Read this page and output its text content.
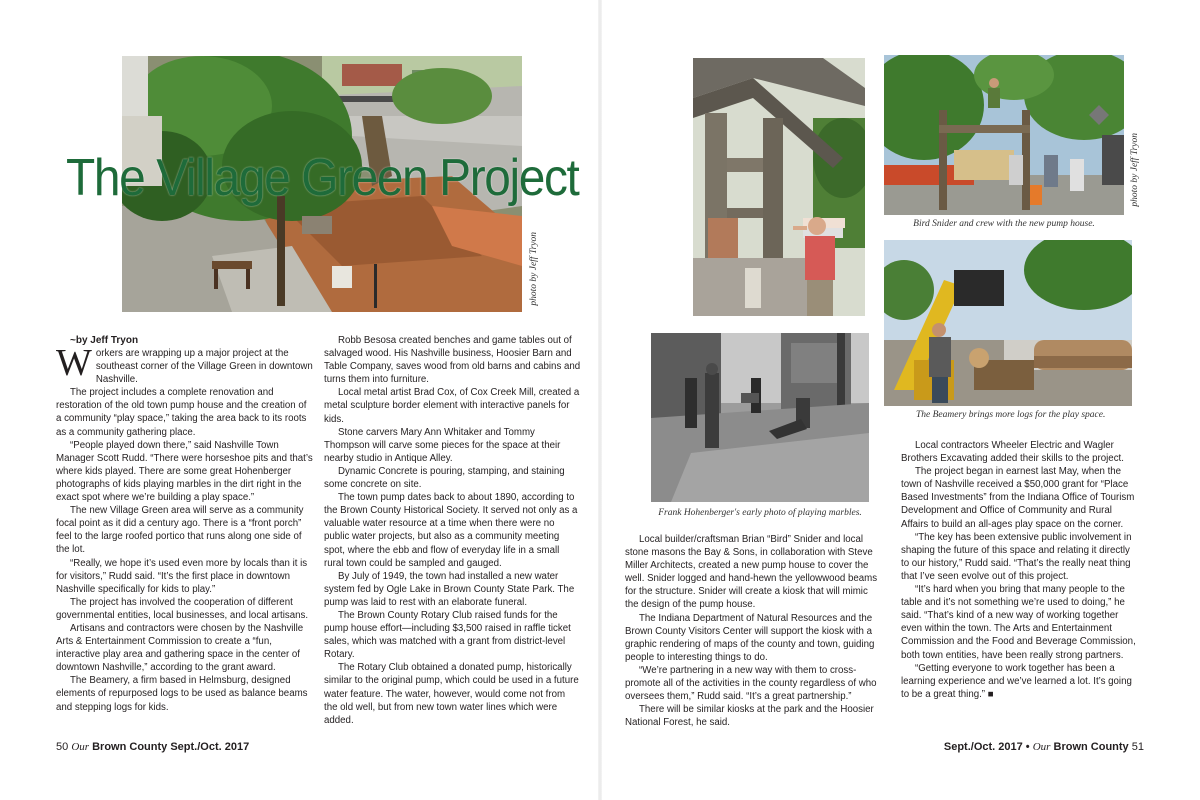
The Village Green Project
photo by Jeff Tryon
~by Jeff Tryon

Workers are wrapping up a major project at the southeast corner of the Village Green in downtown Nashville.

The project includes a complete renovation and restoration of the old town pump house and the creation of a community “play space,” taking the area back to its roots as a community gathering place.

“People played down there,” said Nashville Town Manager Scott Rudd. “There were horseshoe pits and that’s where kids played. There are some great Hohenberger photographs of kids playing marbles in the dirt right in the exact spot where we’re building a play space.”

The new Village Green area will serve as a community focal point as it did a century ago. There is a “front porch” feel to the large roofed portico that runs along one side of the lot.

“Really, we hope it’s used even more by locals than it is for visitors,” Rudd said. “It’s the first place in downtown Nashville specifically for kids to play.”

The project has involved the cooperation of different governmental entities, local businesses, and local artisans.

Artisans and contractors were chosen by the Nashville Arts & Entertainment Commission to create a “fun, interactive play area and gathering space in the center of downtown Nashville,” according to the grant award.

The Beamery, a firm based in Helmsburg, designed elements of repurposed logs to be used as balance beams and stepping logs for kids.

Robb Besosa created benches and game tables out of salvaged wood. His Nashville business, Hoosier Barn and Table Company, saves wood from old barns and cabins and turns them into furniture.

Local metal artist Brad Cox, of Cox Creek Mill, created a metal sculpture border element with interactive panels for kids.

Stone carvers Mary Ann Whitaker and Tommy Thompson will carve some pieces for the space at their nearby studio in Antique Alley.

Dynamic Concrete is pouring, stamping, and staining some concrete on site.

The town pump dates back to about 1890, according to the Brown County Historical Society. It served not only as a valuable water resource at a time when there were no public water projects, but also as a community meeting spot, where the ebb and flow of everyday life in a small rural town could be sampled and gauged.

By July of 1949, the town had installed a new water system fed by Ogle Lake in Brown County State Park. The pump was laid to rest with an elaborate funeral.

The Brown County Rotary Club raised funds for the pump house effort—including $3,500 raised in raffle ticket sales, which was matched with a grant from district-level Rotary.

The Rotary Club obtained a donated pump, historically similar to the original pump, which could be used in a future water feature. The water, however, would come not from the old well, but from new town water lines which were added.

photo by Jeff Tryon
Bird Snider and crew with the new pump house.
Frank Hohenberger's early photo of playing marbles.
The Beamery brings more logs for the play space.

Local builder/craftsman Brian “Bird” Snider and local stone masons the Bay & Sons, in collaboration with Steve Miller Architects, created a new pump house to cover the well. Snider logged and hand-hewn the yellowwood beams for the structure. Snider will create a kiosk that will mimic the design of the pump house.

The Indiana Department of Natural Resources and the Brown County Visitors Center will support the kiosk with a graphic rendering of maps of the county and town, guiding people to interesting things to do.

“We’re partnering in a new way with them to cross-promote all of the activities in the county regardless of who oversees them,” Rudd said. “It’s a great partnership.”

There will be similar kiosks at the park and the Hoosier National Forest, he said.

Local contractors Wheeler Electric and Wagler Brothers Excavating added their skills to the project.

The project began in earnest last May, when the town of Nashville received a $50,000 grant for “Place Based Investments” from the Indiana Office of Tourism Development and Office of Community and Rural Affairs to build an all-ages play space on the corner.

“The key has been extensive public involvement in shaping the future of this space and relating it directly to our history,” Rudd said. “That’s the really neat thing that I’ve seen evolve out of this project.

“It’s hard when you bring that many people to the table and it’s not something we’re used to doing,” he said. “That’s kind of a new way of working together even within the town. The Arts and Entertainment Commission and the Food and Beverage Commission, both town entities, have been really strong partners.

“Getting everyone to work together has been a learning experience and we’ve learned a lot. It’s going to be a great thing.” ■

50 Our Brown County Sept./Oct. 2017	Sept./Oct. 2017 • Our Brown County 51
